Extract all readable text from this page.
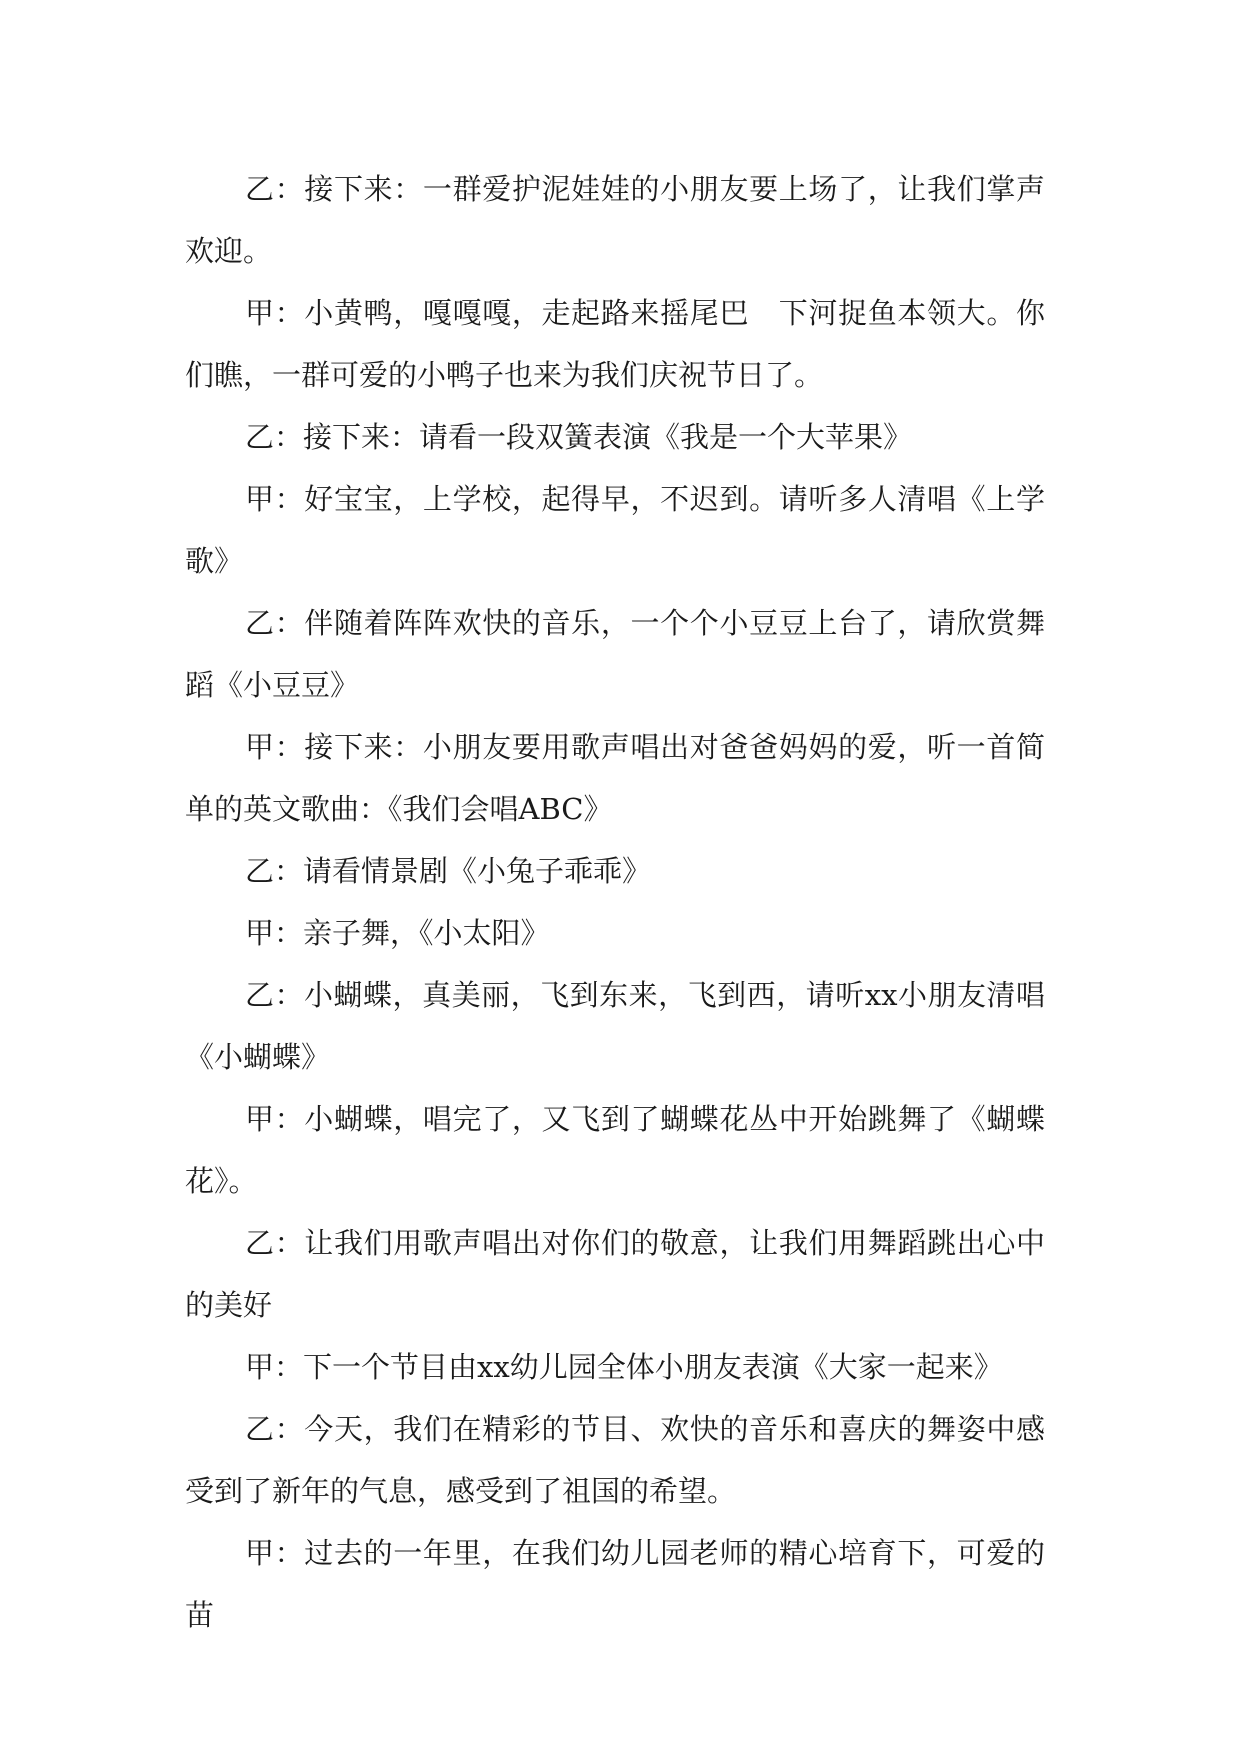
乙：接下来：一群爱护泥娃娃的小朋友要上场了，让我们掌声欢迎。

甲：小黄鸭，嘎嘎嘎，走起路来摇尾巴　下河捉鱼本领大。你们瞧，一群可爱的小鸭子也来为我们庆祝节日了。

乙：接下来：请看一段双簧表演《我是一个大苹果》

甲：好宝宝，上学校，起得早，不迟到。请听多人清唱《上学歌》

乙：伴随着阵阵欢快的音乐，一个个小豆豆上台了，请欣赏舞蹈《小豆豆》

甲：接下来：小朋友要用歌声唱出对爸爸妈妈的爱，听一首简单的英文歌曲：《我们会唱ABC》

乙：请看情景剧《小兔子乖乖》

甲：亲子舞，《小太阳》

乙：小蝴蝶，真美丽，飞到东来，飞到西，请听xx小朋友清唱《小蝴蝶》

甲：小蝴蝶，唱完了，又飞到了蝴蝶花丛中开始跳舞了《蝴蝶花》。

乙：让我们用歌声唱出对你们的敬意，让我们用舞蹈跳出心中的美好

甲：下一个节目由xx幼儿园全体小朋友表演《大家一起来》

乙：今天，我们在精彩的节目、欢快的音乐和喜庆的舞姿中感受到了新年的气息，感受到了祖国的希望。

甲：过去的一年里，在我们幼儿园老师的精心培育下，可爱的苗
